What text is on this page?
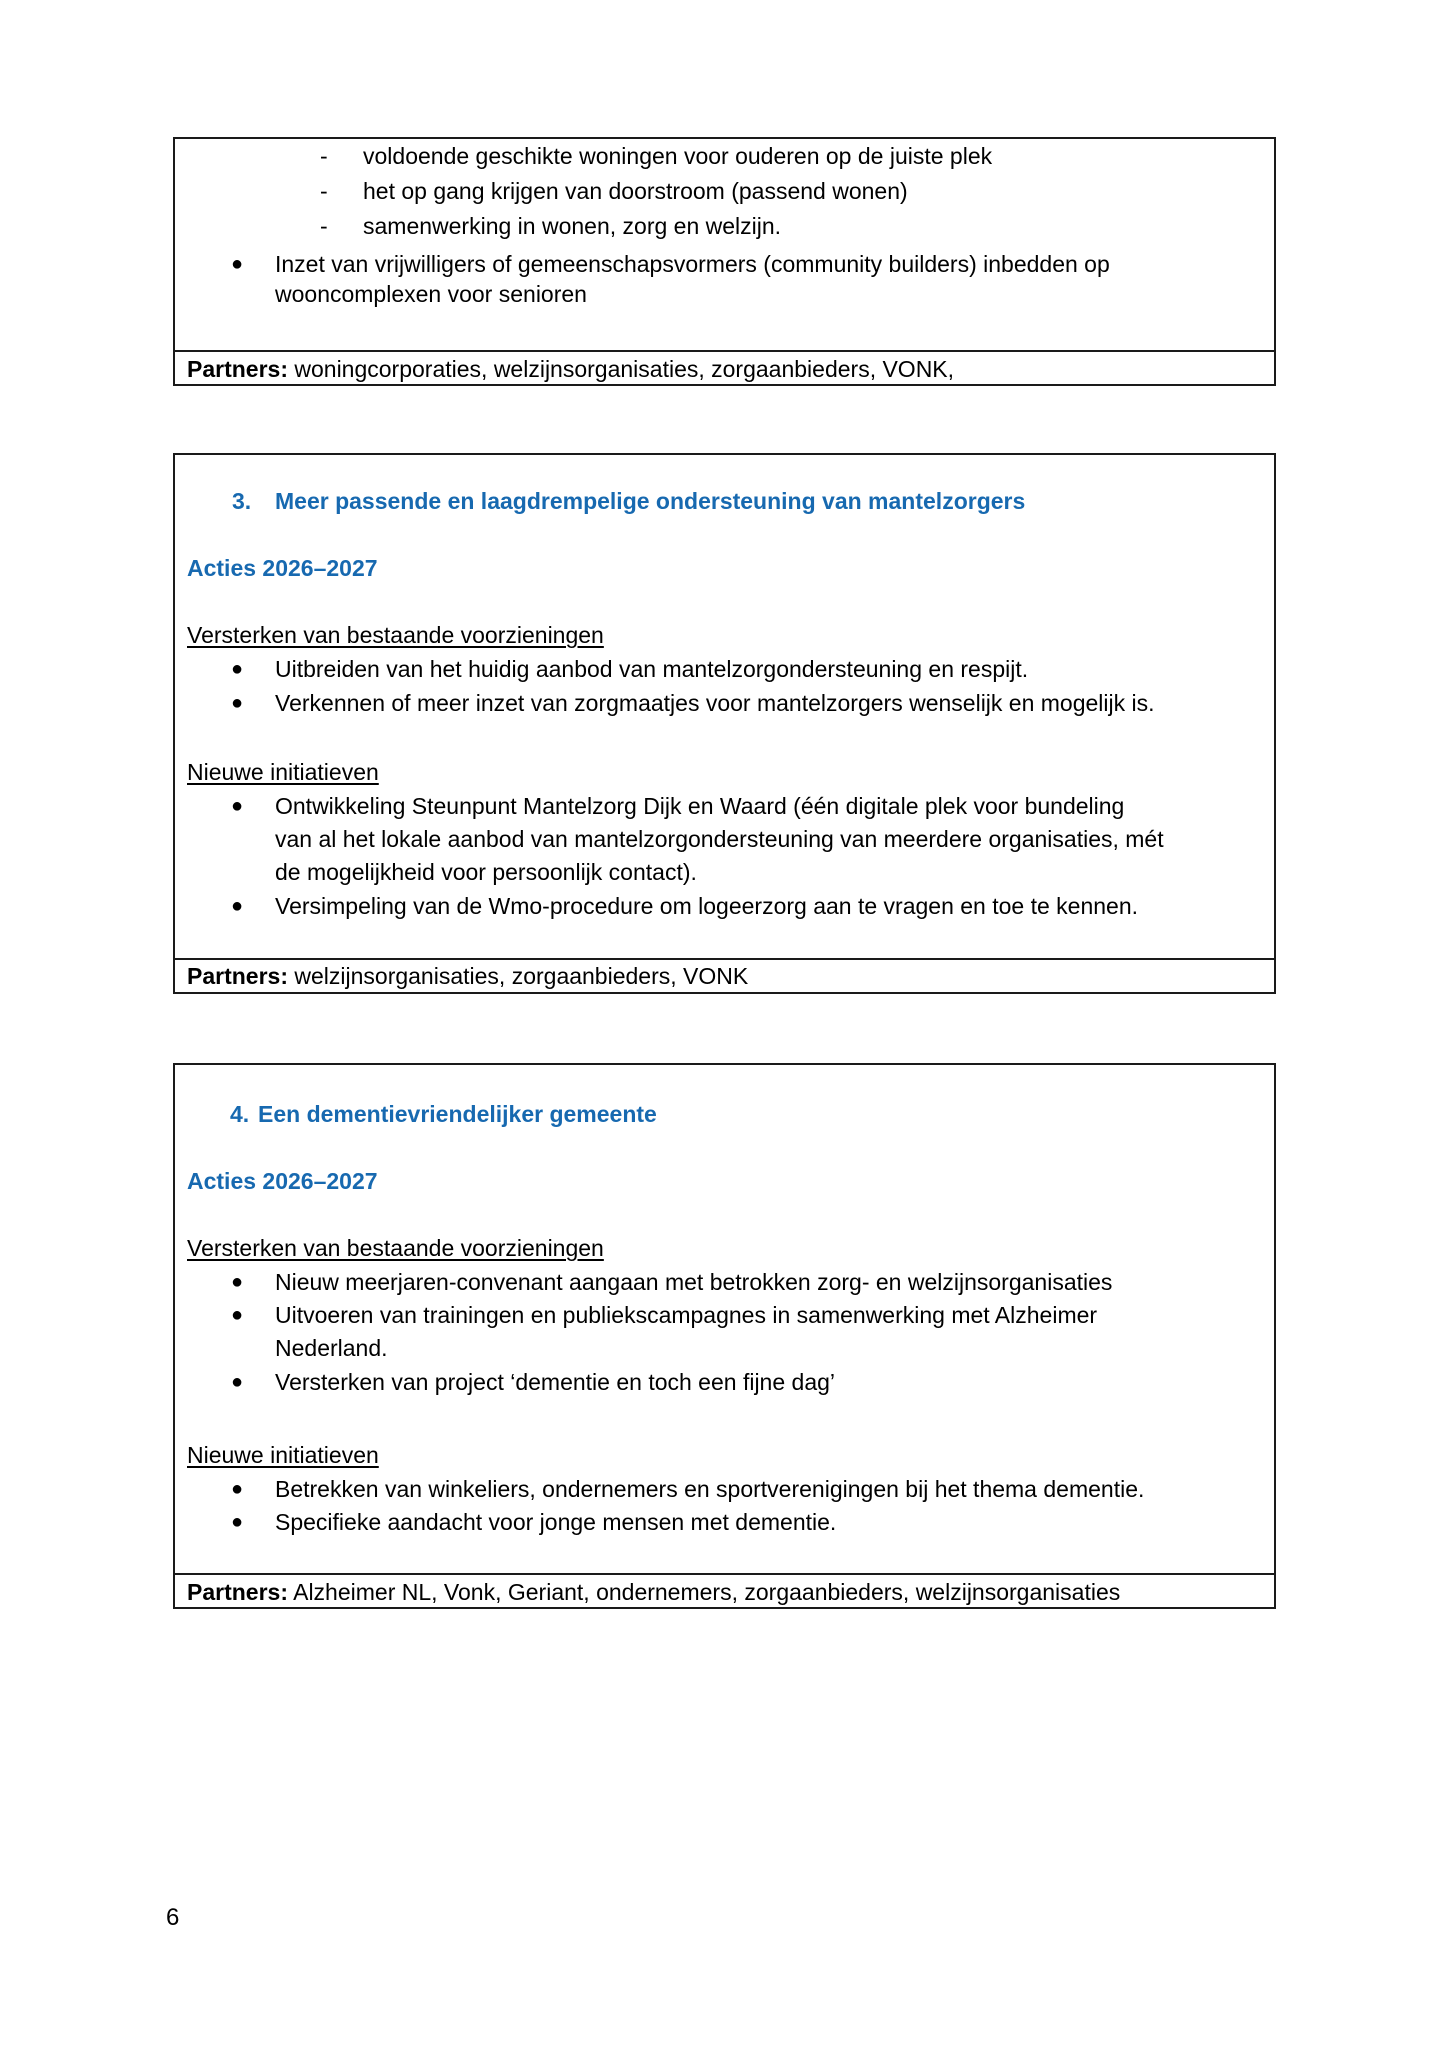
- voldoende geschikte woningen voor ouderen op de juiste plek
- het op gang krijgen van doorstroom (passend wonen)
- samenwerking in wonen, zorg en welzijn.
● Inzet van vrijwilligers of gemeenschapsvormers (community builders) inbedden op
wooncomplexen voor senioren
Partners: woningcorporaties, welzijnsorganisaties, zorgaanbieders, VONK,
3. Meer passende en laagdrempelige ondersteuning van mantelzorgers
Acties 2026–2027
Versterken van bestaande voorzieningen
● Uitbreiden van het huidig aanbod van mantelzorgondersteuning en respijt.
● Verkennen of meer inzet van zorgmaatjes voor mantelzorgers wenselijk en mogelijk is.
Nieuwe initiatieven
● Ontwikkeling Steunpunt Mantelzorg Dijk en Waard (één digitale plek voor bundeling
van al het lokale aanbod van mantelzorgondersteuning van meerdere organisaties, mét
de mogelijkheid voor persoonlijk contact).
● Versimpeling van de Wmo-procedure om logeerzorg aan te vragen en toe te kennen.
Partners: welzijnsorganisaties, zorgaanbieders, VONK
4. Een dementievriendelijker gemeente
Acties 2026–2027
Versterken van bestaande voorzieningen
● Nieuw meerjaren-convenant aangaan met betrokken zorg- en welzijnsorganisaties
● Uitvoeren van trainingen en publiekscampagnes in samenwerking met Alzheimer
Nederland.
● Versterken van project ‘dementie en toch een fijne dag’
Nieuwe initiatieven
● Betrekken van winkeliers, ondernemers en sportverenigingen bij het thema dementie.
● Specifieke aandacht voor jonge mensen met dementie.
Partners: Alzheimer NL, Vonk, Geriant, ondernemers, zorgaanbieders, welzijnsorganisaties
6
